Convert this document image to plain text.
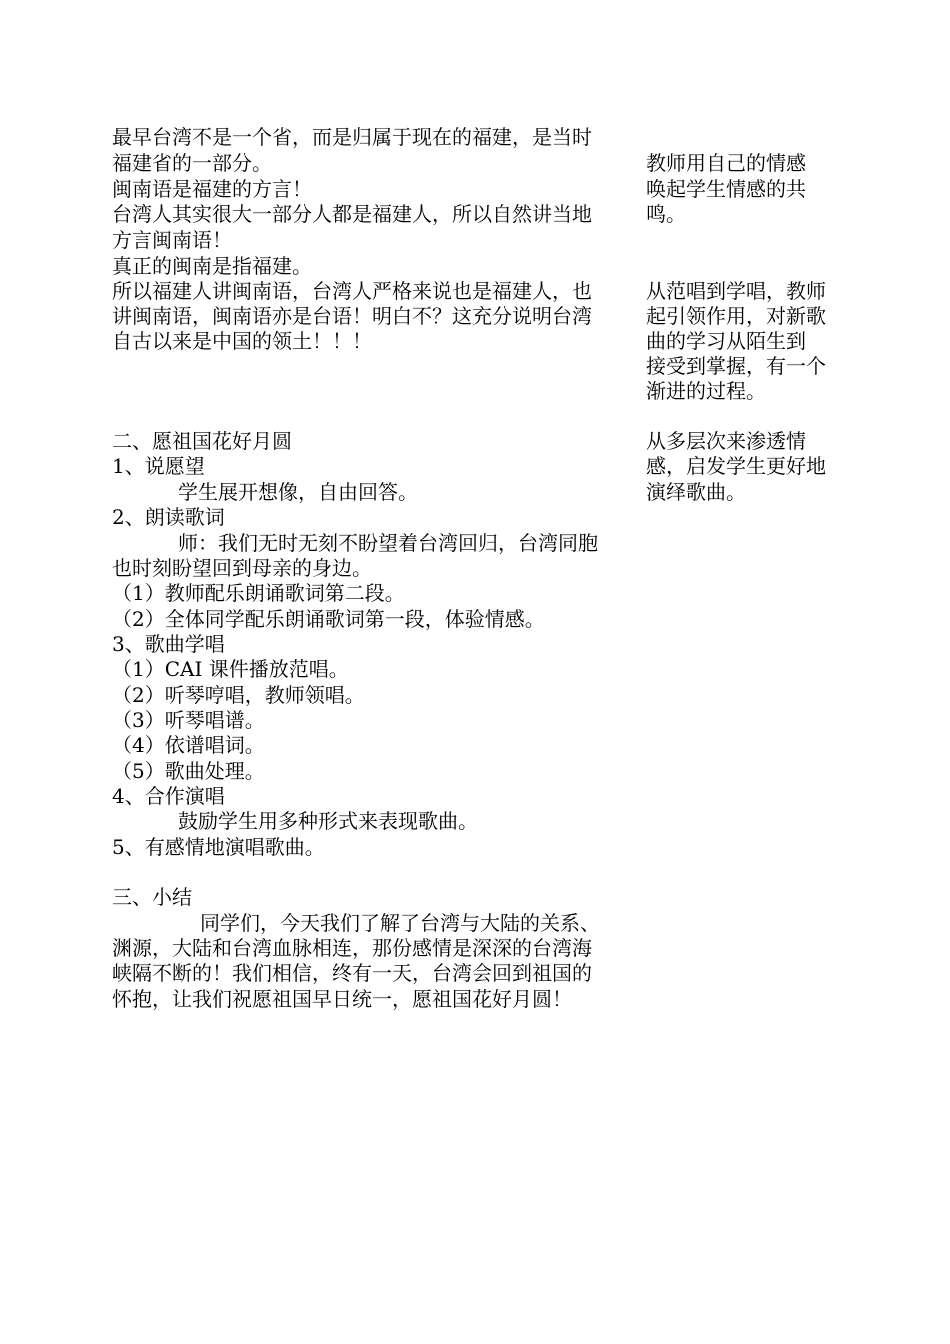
最早台湾不是一个省，而是归属于现在的福建，是当时
福建省的一部分。
闽南语是福建的方言！
台湾人其实很大一部分人都是福建人，所以自然讲当地
方言闽南语！
真正的闽南是指福建。
所以福建人讲闽南语，台湾人严格来说也是福建人，也
讲闽南语，闽南语亦是台语！明白不？这充分说明台湾
自古以来是中国的领土！！！
二、愿祖国花好月圆
1、说愿望
学生展开想像，自由回答。
2、朗读歌词
师：我们无时无刻不盼望着台湾回归，台湾同胞
也时刻盼望回到母亲的身边。
（1）教师配乐朗诵歌词第二段。
（2）全体同学配乐朗诵歌词第一段，体验情感。
3、歌曲学唱
（1）CAI 课件播放范唱。
（2）听琴哼唱，教师领唱。
（3）听琴唱谱。
（4）依谱唱词。
（5）歌曲处理。
4、合作演唱
鼓励学生用多种形式来表现歌曲。
5、有感情地演唱歌曲。
三、小结
同学们，今天我们了解了台湾与大陆的关系、
渊源，大陆和台湾血脉相连，那份感情是深深的台湾海
峡隔不断的！我们相信，终有一天，台湾会回到祖国的
怀抱，让我们祝愿祖国早日统一，愿祖国花好月圆！
教师用自己的情感
唤起学生情感的共
鸣。
从范唱到学唱，教师
起引领作用，对新歌
曲的学习从陌生到
接受到掌握，有一个
渐进的过程。
从多层次来渗透情
感，启发学生更好地
演绎歌曲。
